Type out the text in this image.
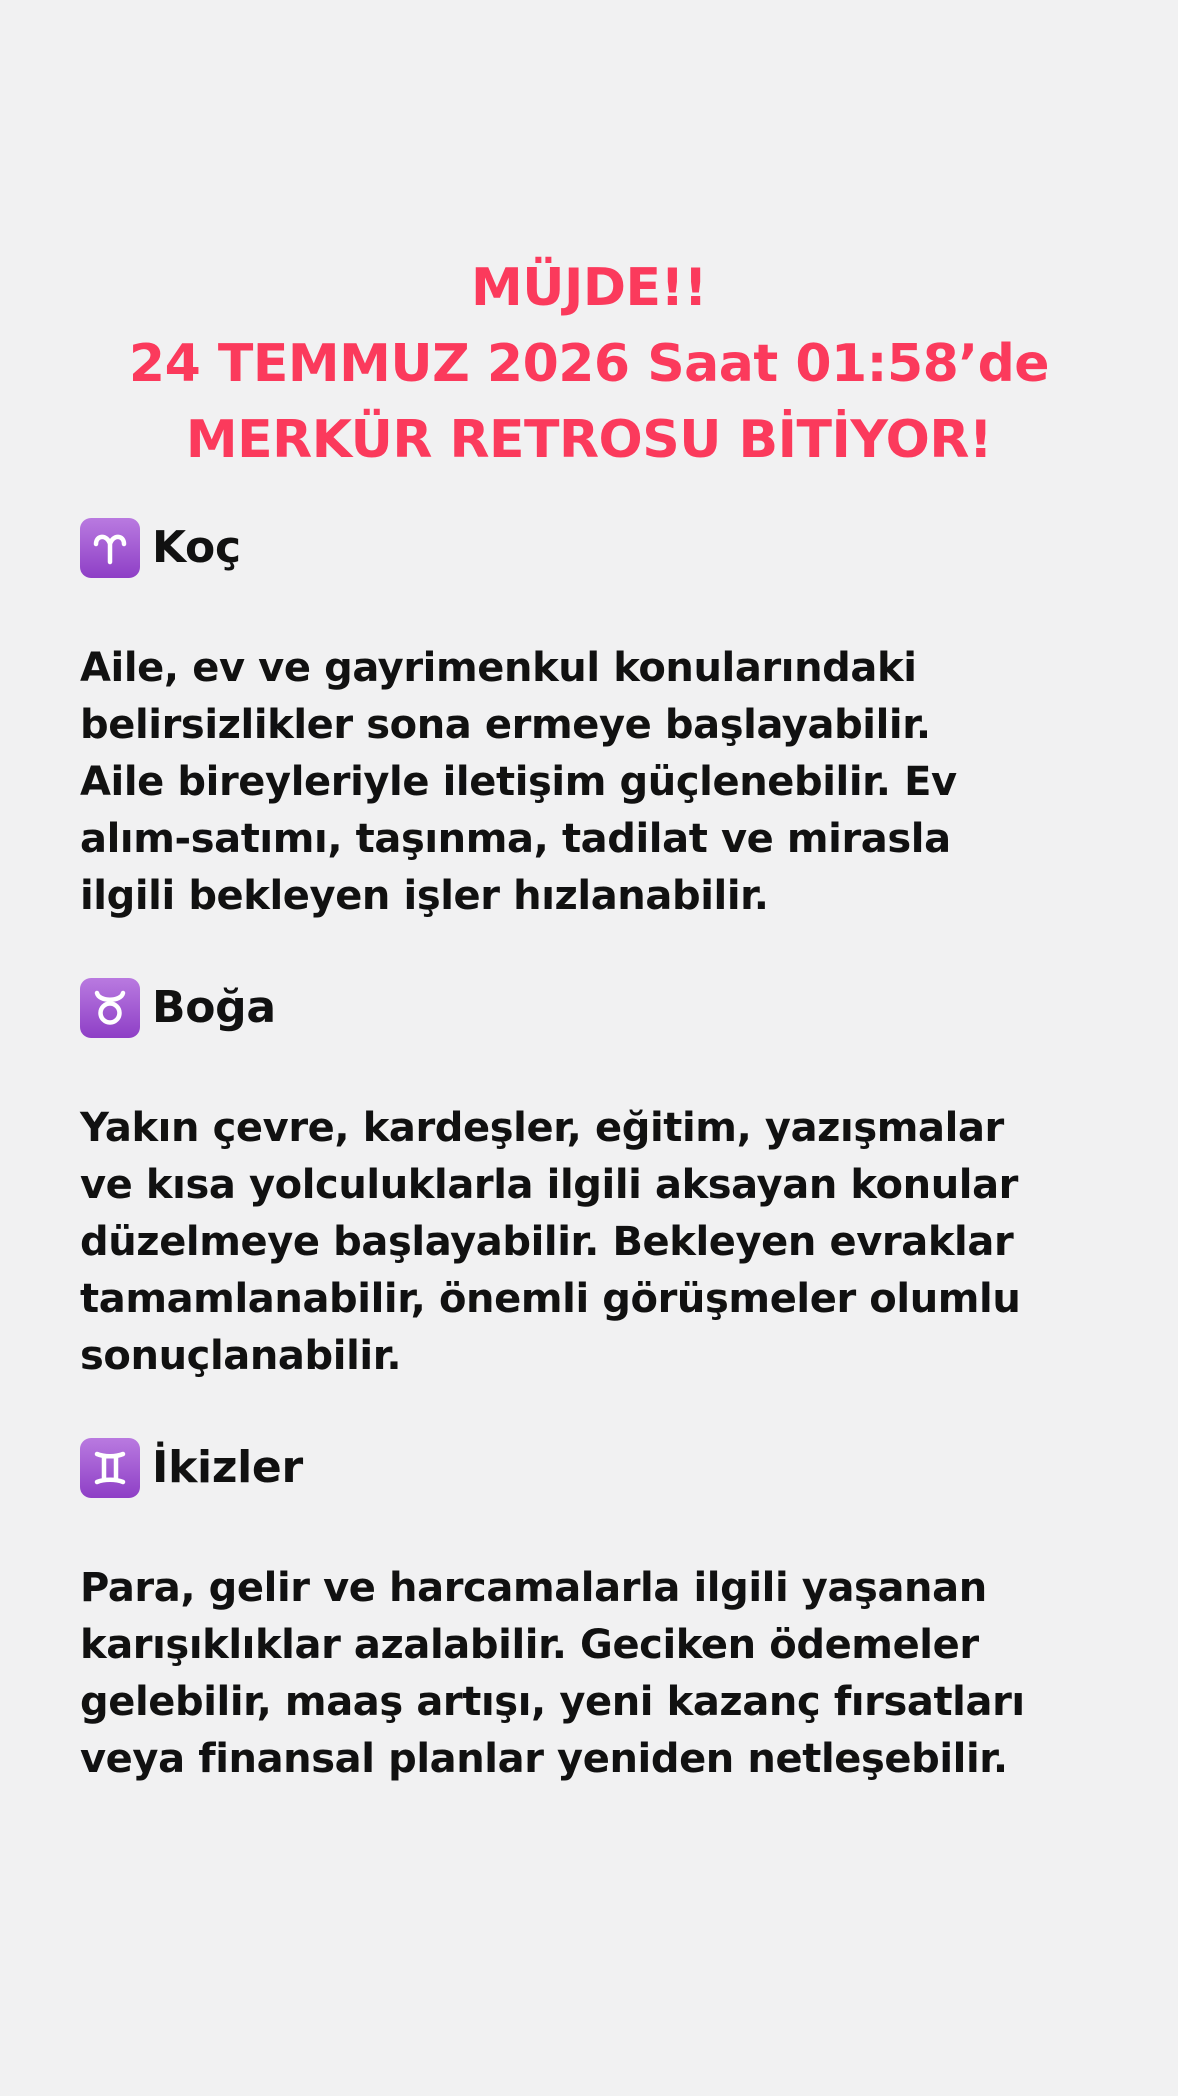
MÜJDE!!
24 TEMMUZ 2026 Saat 01:58’de
MERKÜR RETROSU BİTİYOR!
Koç
Aile, ev ve gayrimenkul konularındaki
belirsizlikler sona ermeye başlayabilir.
Aile bireyleriyle iletişim güçlenebilir. Ev
alım-satımı, taşınma, tadilat ve mirasla
ilgili bekleyen işler hızlanabilir.
Boğa
Yakın çevre, kardeşler, eğitim, yazışmalar
ve kısa yolculuklarla ilgili aksayan konular
düzelmeye başlayabilir. Bekleyen evraklar
tamamlanabilir, önemli görüşmeler olumlu
sonuçlanabilir.
İkizler
Para, gelir ve harcamalarla ilgili yaşanan
karışıklıklar azalabilir. Geciken ödemeler
gelebilir, maaş artışı, yeni kazanç fırsatları
veya finansal planlar yeniden netleşebilir.
